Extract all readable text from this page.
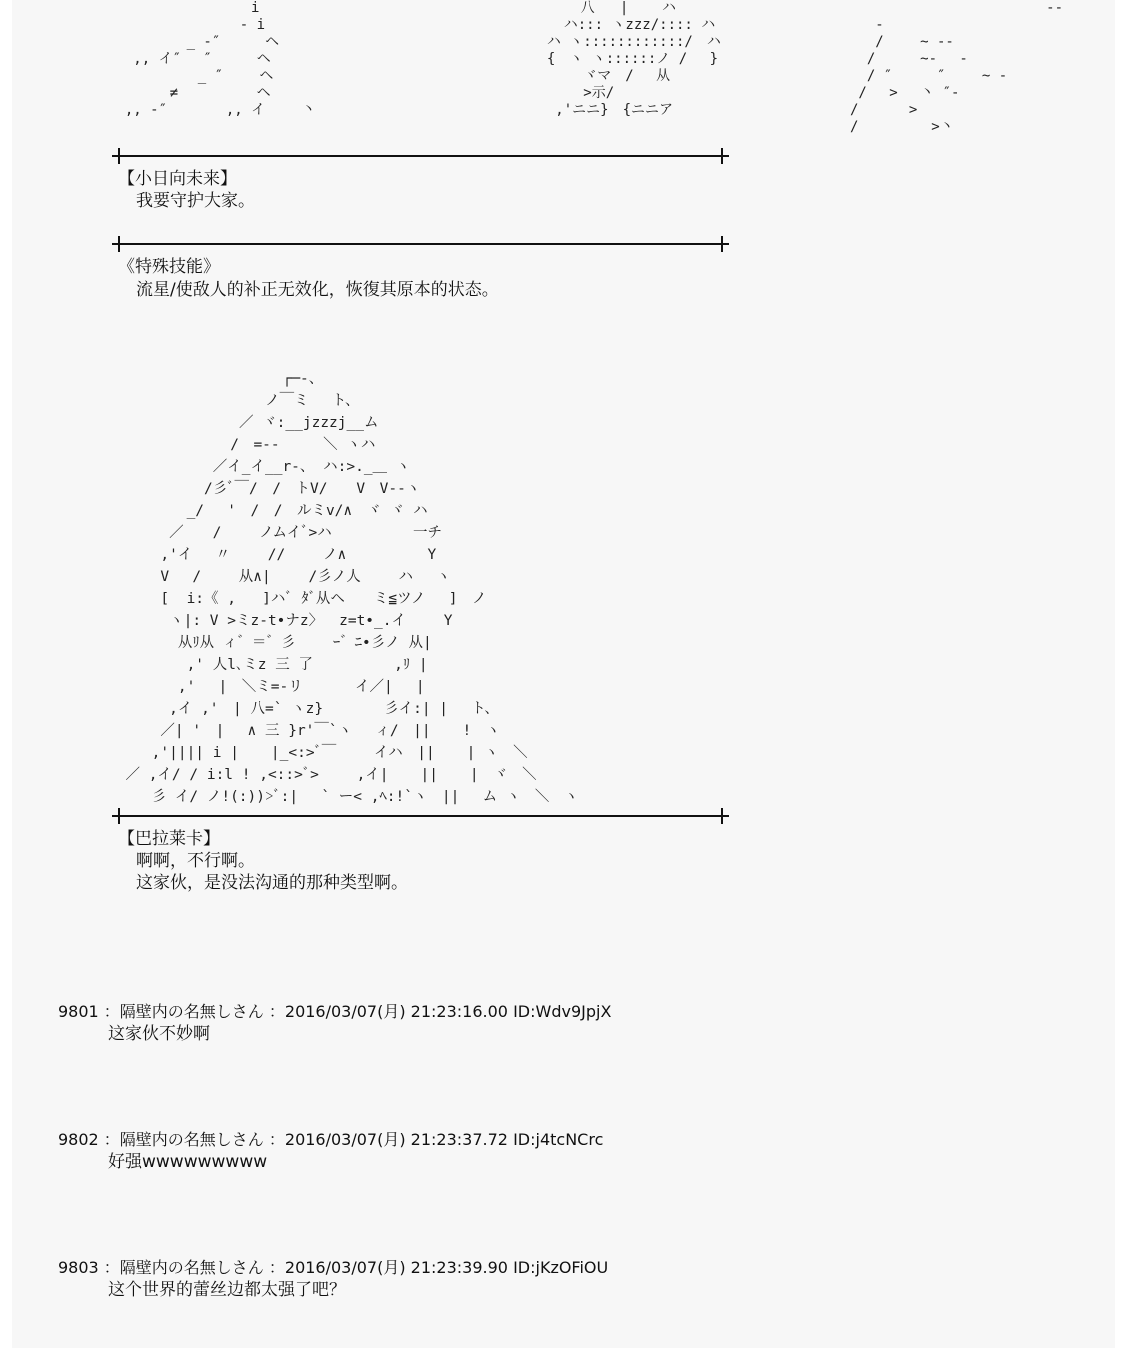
　 ￣　 　　 　 i
　　　　　　　 - i
　　 _ -″　 　 ヘ
,, イ″ 　″　 　 ヘ
　　　　 _ ″　　 ヘ
　　 ≠　　　　　 ヘ
,, -″ 　　　 ,, イ　　 丶
八   |    ハ
ハ::: ヽzzz/:::: ハ
ハ ヽ::::::::::::/　ハ
{　ヽ ヽ::::::ノ /　 }
　　 ヾマ　/　 从
　　 >示/　　　
,'ニニ}　{ニニア
　　　　　　　　　 ￣ ￣ --
-
/　 　~ --
/ 　　 ~-　 -
/ ″ 　　 ″　 　~ -
/　 >　 丶 ″-
/　　　 >　
/ 　　　　 >丶
【小日向未来】
我要守护大家。
《特殊技能》
流星/使敌人的补正无效化，恢復其原本的状态。
┌─-、
ノ￣ミ　 ト、
／ ヾ:__jzzzj__ム
/　=-‐　　　＼ ヽハ
／イ_イ__r‐、 ハ:>._＿ ヽ
/彡ﾞ￣/　/　トV/　　V　V‐-ヽ
_/　 '　/　/　ルミv/∧　ヾ ヾ ハ
／　　/　　 ノムイﾞ>ハ　　　　　 一チ
,'イ　 〃　　 //　　 ノ∧　　　　　 Y
V　 /　　 从∧|　　 /彡ノ人　　 ハ　 ヽ
[  i:《 ,   ]ハﾞ ﾀﾞ从ヘ　　ミ≦ツノ　 ]　ノ
ヽ|: V >ミz-t•ナz〉　 z=t•_.イ　　 Y
从ﾘ从 ィ゛＝゛彡　　 ｰ゛ﾆ•彡ノ 从|
,' 人l､ミz 三 了　　　　　 ,ﾘ |
,'　 |　＼ミ=-リ　　　 イ／|　 |
,イ ,'　| 八=` ヽz}　 　　 彡イ:| |　 ト、
／| '　|　 ∧ 三 }r'￣`ヽ　 ィ/　|| 　 !　ヽ
,'|||| i | 　 |_<:>ﾞ￣　　 イハ　|| 　 | ヽ　＼
／ ,イ/ / i:l ! ,<::>ﾞ>　　 ,イ| 　 || 　 |　ヾ　＼
彡 イ/ ノ!(:))>ﾞ:|　 ` ー< ,ﾍ:!`ヽ　|| 　ム ヽ　＼　ヽ
【巴拉莱卡】
啊啊，不行啊。
这家伙，是没法沟通的那种类型啊。
9801 ：隔壁内の名無しさん ：2016/03/07(月) 21:23:16.00 ID:Wdv9JpjX
这家伙不妙啊
9802 ：隔壁内の名無しさん ：2016/03/07(月) 21:23:37.72 ID:j4tcNCrc
好强wwwwwwwww
9803 ：隔壁内の名無しさん ：2016/03/07(月) 21:23:39.90 ID:jKzOFiOU
这个世界的蕾丝边都太强了吧？
